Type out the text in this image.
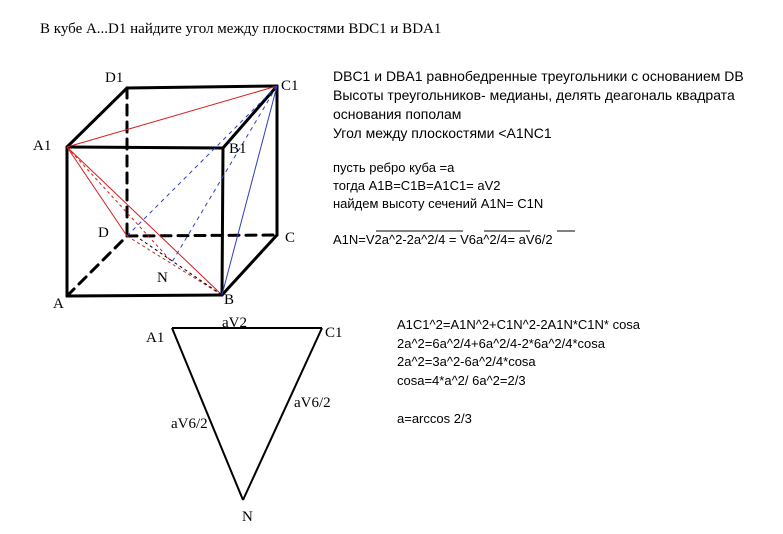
В кубе A...D1 найдите угол между плоскостями BDC1 и BDA1
D1	C1
A1	B1
D	C
A	B
N
DBC1 и DBA1 равнобедренные треугольники с основанием DB
Высоты треугольников- медианы, делять деагональ квадрата
основания пополам
Угол между плоскостями <A1NC1
пусть ребро куба =a
тогда A1B=C1B=A1C1= aV2
найдем высоту сечений A1N= C1N
A1N=V2a^2-2a^2/4 = V6a^2/4= aV6/2
A1	C1
N
aV2
aV6/2
aV6/2
A1C1^2=A1N^2+C1N^2-2A1N*C1N* cosa
2a^2=6a^2/4+6a^2/4-2*6a^2/4*cosa
2a^2=3a^2-6a^2/4*cosa
cosa=4*a^2/ 6a^2=2/3
a=arccos 2/3
